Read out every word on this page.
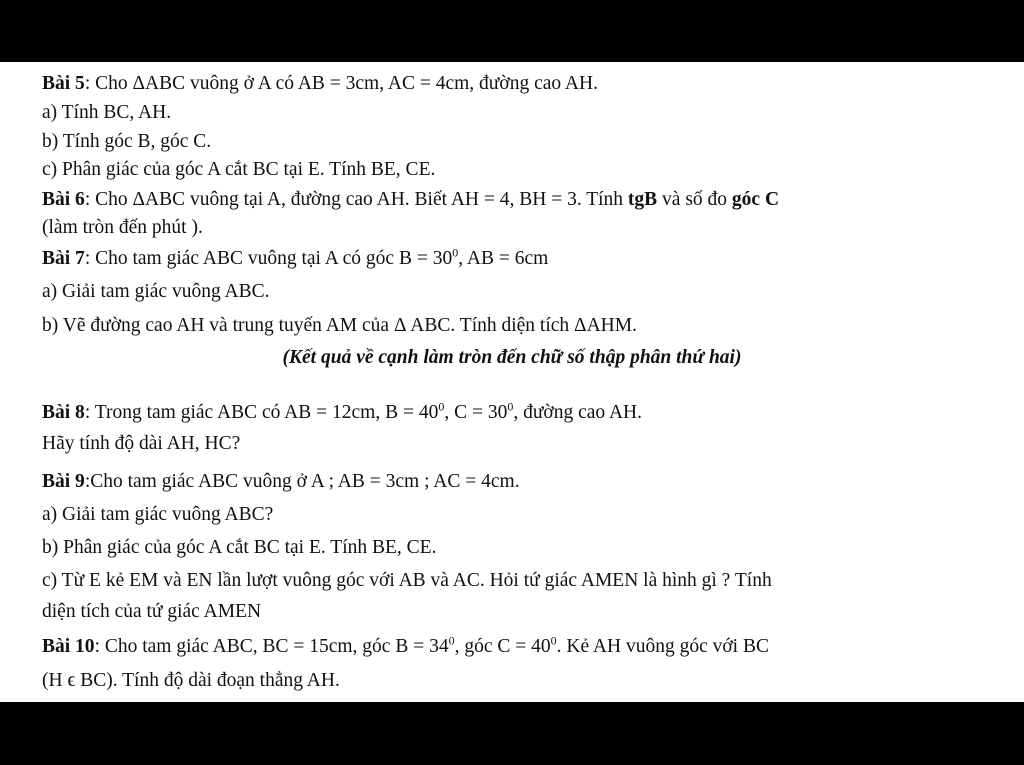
Bài 5: Cho ΔABC vuông ở A có AB = 3cm, AC = 4cm, đường cao AH.
a) Tính BC, AH.
b) Tính góc B, góc C.
c) Phân giác của góc A cắt BC tại E. Tính BE, CE.
Bài 6: Cho ΔABC vuông tại A, đường cao AH. Biết AH = 4, BH = 3. Tính tgB và số đo góc C
(làm tròn đến phút ).
Bài 7: Cho tam giác ABC vuông tại A có góc $B = 30^0$, AB = 6cm
a) Giải tam giác vuông ABC.
b) Vẽ đường cao AH và trung tuyến AM của Δ ABC. Tính diện tích ΔAHM.
(Kết quả về cạnh làm tròn đến chữ số thập phân thứ hai)
Bài 8: Trong tam giác ABC có AB = 12cm, $B = 40^0$, $C = 30^0$, đường cao AH.
Hãy tính độ dài AH, HC?
Bài 9:Cho tam giác ABC vuông ở A ; AB = 3cm ; AC = 4cm.
a) Giải tam giác vuông ABC?
b) Phân giác của góc A cắt BC tại E. Tính BE, CE.
c) Từ E kẻ EM và EN lần lượt vuông góc với AB và AC. Hỏi tứ giác AMEN là hình gì ? Tính
diện tích của tứ giác AMEN
Bài 10: Cho tam giác ABC, BC = 15cm, góc $B = 34^0$, góc $C = 40^0$. Kẻ AH vuông góc với BC
(H ϵ BC). Tính độ dài đoạn thẳng AH.
